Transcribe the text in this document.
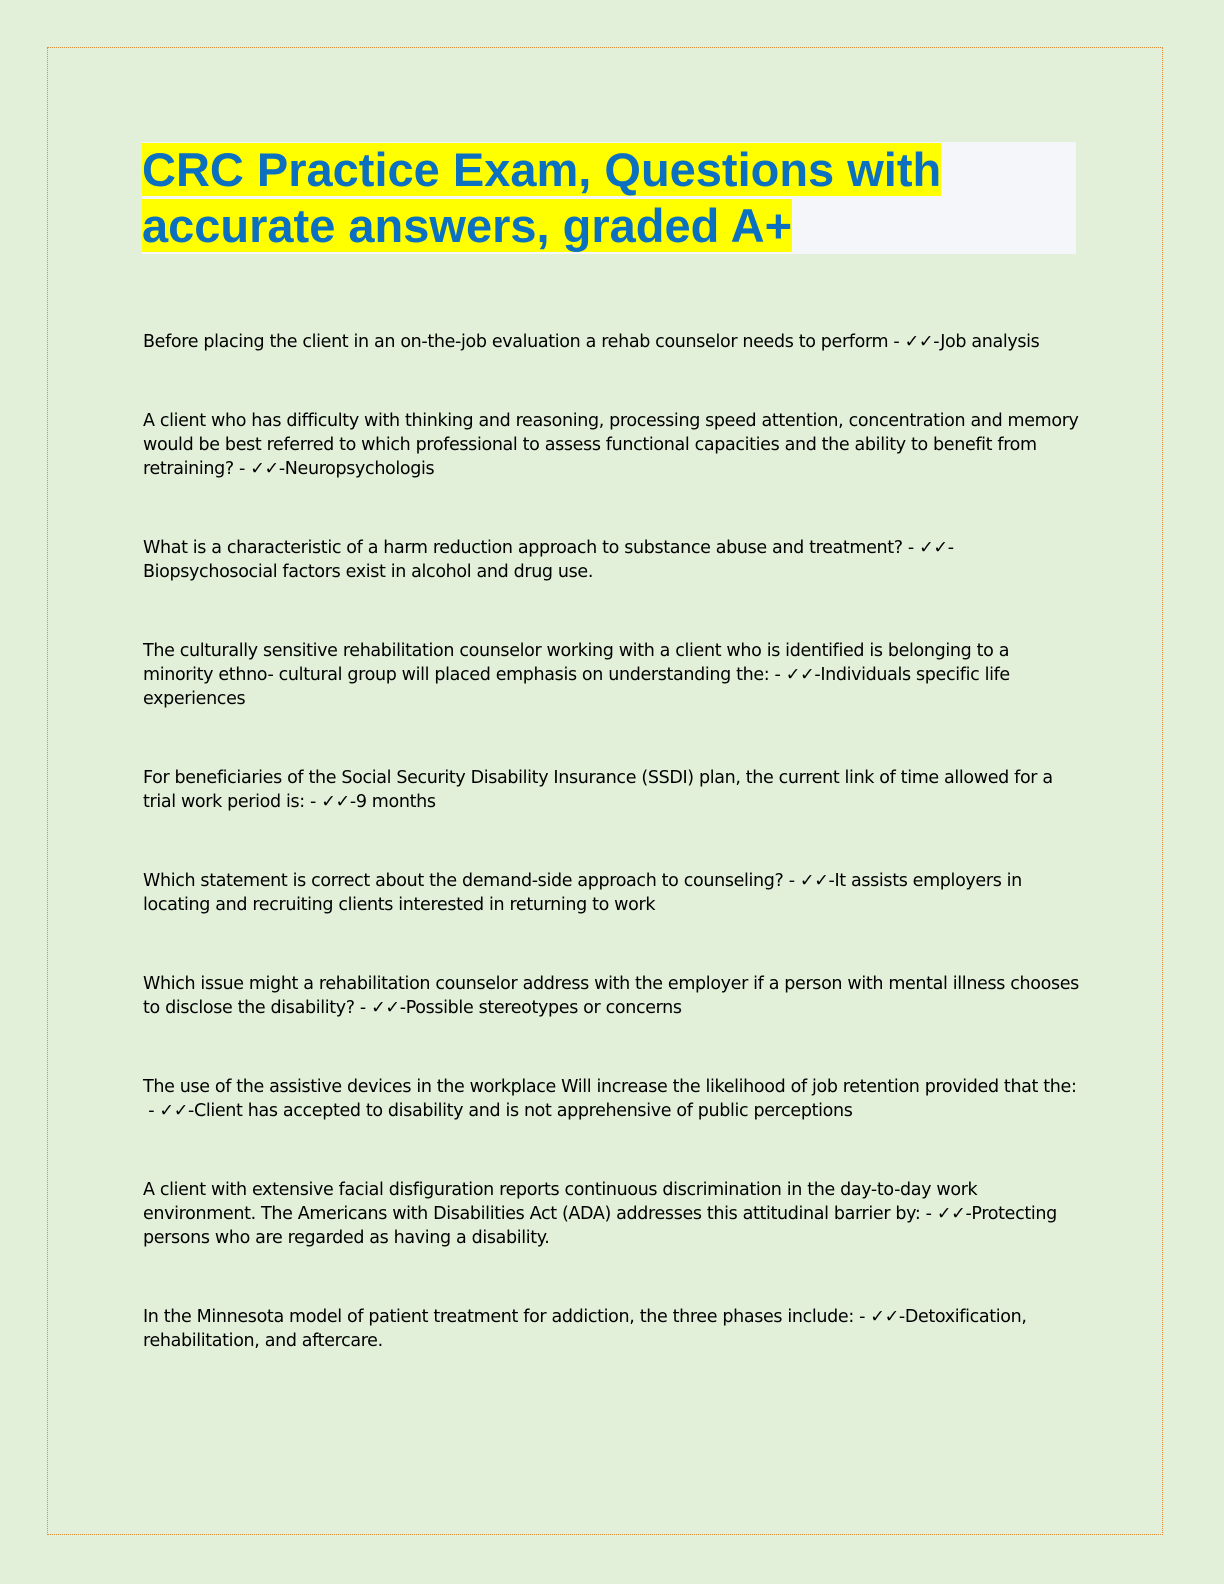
CRC Practice Exam, Questions with
accurate answers, graded A+

Before placing the client in an on-the-job evaluation a rehab counselor needs to perform - ✓✓-Job analysis

A client who has difficulty with thinking and reasoning, processing speed attention, concentration and memory would be best referred to which professional to assess functional capacities and the ability to benefit from retraining? - ✓✓-Neuropsychologis

What is a characteristic of a harm reduction approach to substance abuse and treatment? - ✓✓-Biopsychosocial factors exist in alcohol and drug use.

The culturally sensitive rehabilitation counselor working with a client who is identified is belonging to a minority ethno- cultural group will placed emphasis on understanding the: - ✓✓-Individuals specific life experiences

For beneficiaries of the Social Security Disability Insurance (SSDI) plan, the current link of time allowed for a trial work period is: - ✓✓-9 months

Which statement is correct about the demand-side approach to counseling? - ✓✓-It assists employers in locating and recruiting clients interested in returning to work

Which issue might a rehabilitation counselor address with the employer if a person with mental illness chooses to disclose the disability? - ✓✓-Possible stereotypes or concerns

The use of the assistive devices in the workplace Will increase the likelihood of job retention provided that the: - ✓✓-Client has accepted to disability and is not apprehensive of public perceptions

A client with extensive facial disfiguration reports continuous discrimination in the day-to-day work environment. The Americans with Disabilities Act (ADA) addresses this attitudinal barrier by: - ✓✓-Protecting persons who are regarded as having a disability.

In the Minnesota model of patient treatment for addiction, the three phases include: - ✓✓-Detoxification, rehabilitation, and aftercare.
